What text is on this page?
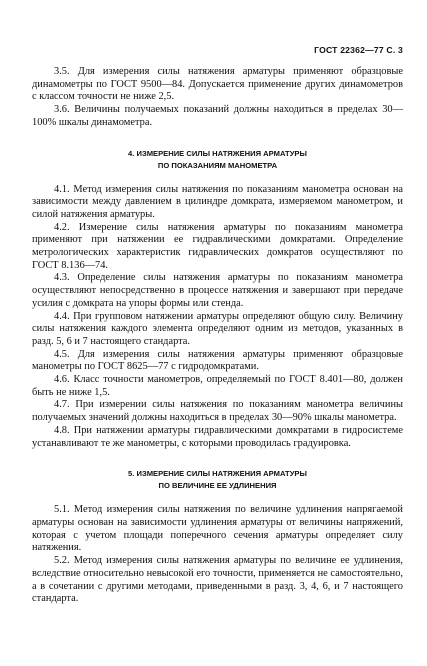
ГОСТ 22362—77 С. 3

3.5. Для измерения силы натяжения арматуры применяют образцовые динамометры по ГОСТ 9500—84. Допускается применение других динамометров с классом точности не ниже 2,5.

3.6. Величины получаемых показаний должны находиться в пределах 30—100% шкалы динамометра.

4. ИЗМЕРЕНИЕ СИЛЫ НАТЯЖЕНИЯ АРМАТУРЫ

ПО ПОКАЗАНИЯМ МАНОМЕТРА

4.1. Метод измерения силы натяжения по показаниям манометра основан на зависимости между давлением в цилиндре домкрата, измеряемом манометром, и силой натяжения арматуры.

4.2. Измерение силы натяжения арматуры по показаниям манометра применяют при натяжении ее гидравлическими домкратами. Определение метрологических характеристик гидравлических домкратов осуществляют по ГОСТ 8.136—74.

4.3. Определение силы натяжения арматуры по показаниям манометра осуществляют непосредственно в процессе натяжения и завершают при передаче усилия с домкрата на упоры формы или стенда.

4.4. При групповом натяжении арматуры определяют общую силу. Величину силы натяжения каждого элемента определяют одним из методов, указанных в разд. 5, 6 и 7 настоящего стандарта.

4.5. Для измерения силы натяжения арматуры применяют образцовые манометры по ГОСТ 8625—77 с гидродомкратами.

4.6. Класс точности манометров, определяемый по ГОСТ 8.401—80, должен быть не ниже 1,5.

4.7. При измерении силы натяжения по показаниям манометра величины получаемых значений должны находиться в пределах 30—90% шкалы манометра.

4.8. При натяжении арматуры гидравлическими домкратами в гидросистеме устанавливают те же манометры, с которыми проводилась градуировка.

5. ИЗМЕРЕНИЕ СИЛЫ НАТЯЖЕНИЯ АРМАТУРЫ

ПО ВЕЛИЧИНЕ ЕЕ УДЛИНЕНИЯ

5.1. Метод измерения силы натяжения по величине удлинения напрягаемой арматуры основан на зависимости удлинения арматуры от величины напряжений, которая с учетом площади поперечного сечения арматуры определяет силу натяжения.

5.2. Метод измерения силы натяжения арматуры по величине ее удлинения, вследствие относительно невысокой его точности, применяется не самостоятельно, а в сочетании с другими методами, приведенными в разд. 3, 4, 6, и 7 настоящего стандарта.
